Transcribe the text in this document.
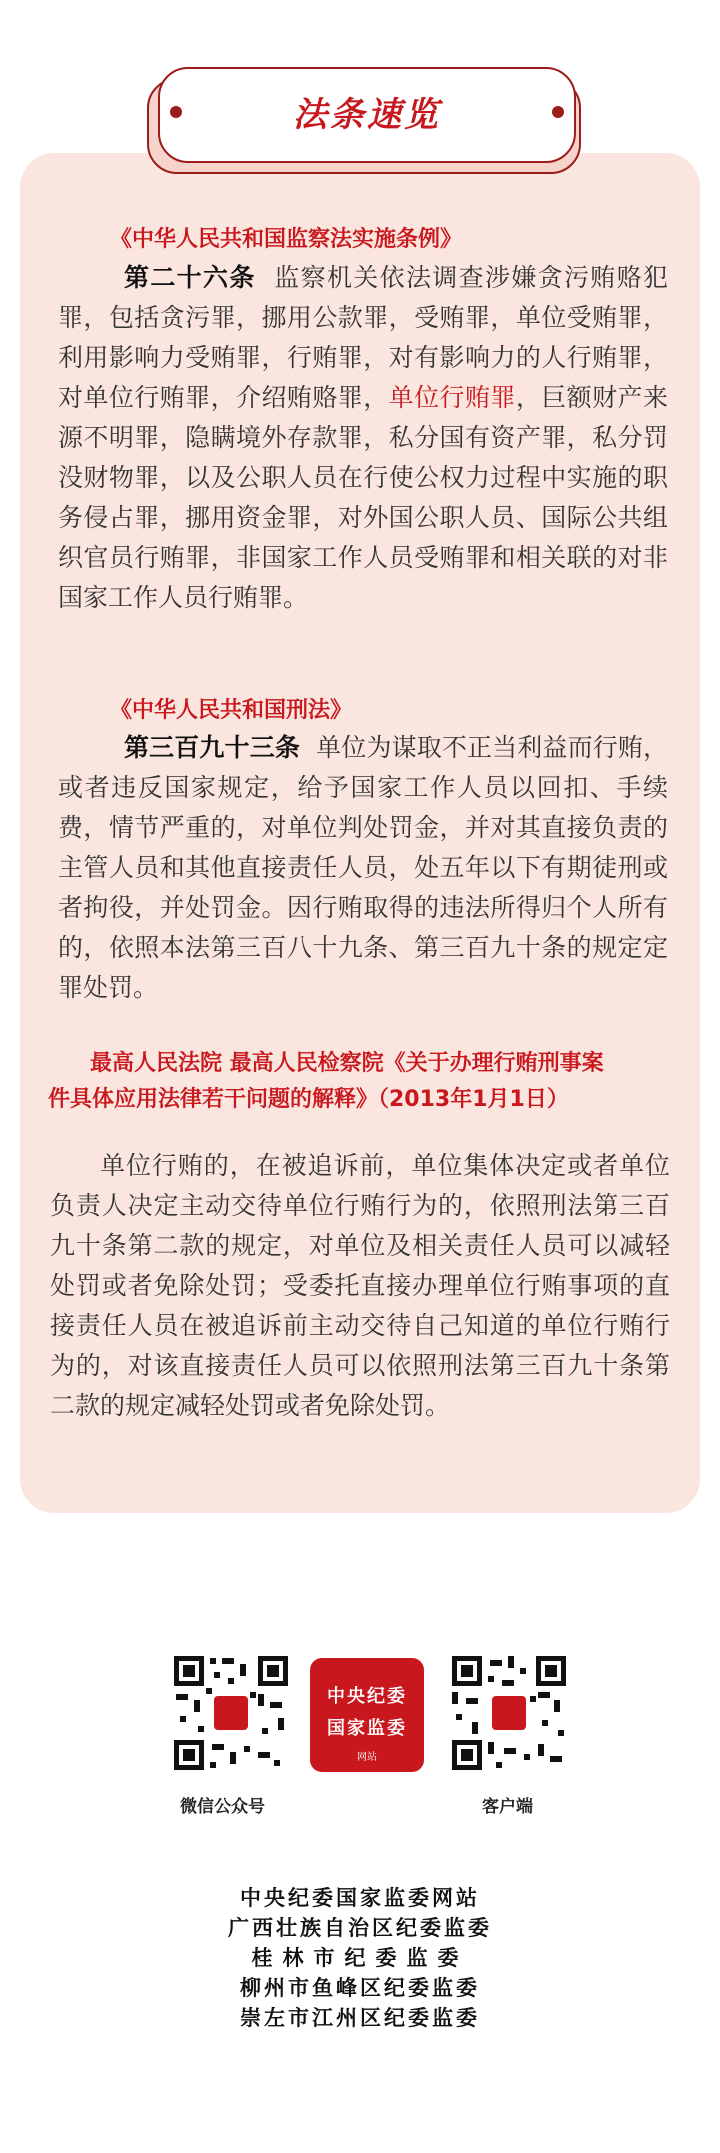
法条速览
《中华人民共和国监察法实施条例》
第二十六条 监察机关依法调查涉嫌贪污贿赂犯罪，包括贪污罪，挪用公款罪，受贿罪，单位受贿罪，利用影响力受贿罪，行贿罪，对有影响力的人行贿罪，对单位行贿罪，介绍贿赂罪，单位行贿罪，巨额财产来源不明罪，隐瞒境外存款罪，私分国有资产罪，私分罚没财物罪，以及公职人员在行使公权力过程中实施的职务侵占罪，挪用资金罪，对外国公职人员、国际公共组织官员行贿罪，非国家工作人员受贿罪和相关联的对非国家工作人员行贿罪。
《中华人民共和国刑法》
第三百九十三条 单位为谋取不正当利益而行贿，或者违反国家规定，给予国家工作人员以回扣、手续费，情节严重的，对单位判处罚金，并对其直接负责的主管人员和其他直接责任人员，处五年以下有期徒刑或者拘役，并处罚金。因行贿取得的违法所得归个人所有的，依照本法第三百八十九条、第三百九十条的规定定罪处罚。
最高人民法院 最高人民检察院《关于办理行贿刑事案
件具体应用法律若干问题的解释》（2013年1月1日）
单位行贿的，在被追诉前，单位集体决定或者单位负责人决定主动交待单位行贿行为的，依照刑法第三百九十条第二款的规定，对单位及相关责任人员可以减轻处罚或者免除处罚；受委托直接办理单位行贿事项的直接责任人员在被追诉前主动交待自己知道的单位行贿行为的，对该直接责任人员可以依照刑法第三百九十条第二款的规定减轻处罚或者免除处罚。
中央纪委
国家监委
网站
微信公众号	客户端
中央纪委国家监委网站
广西壮族自治区纪委监委
桂林市纪委监委
柳州市鱼峰区纪委监委
崇左市江州区纪委监委
